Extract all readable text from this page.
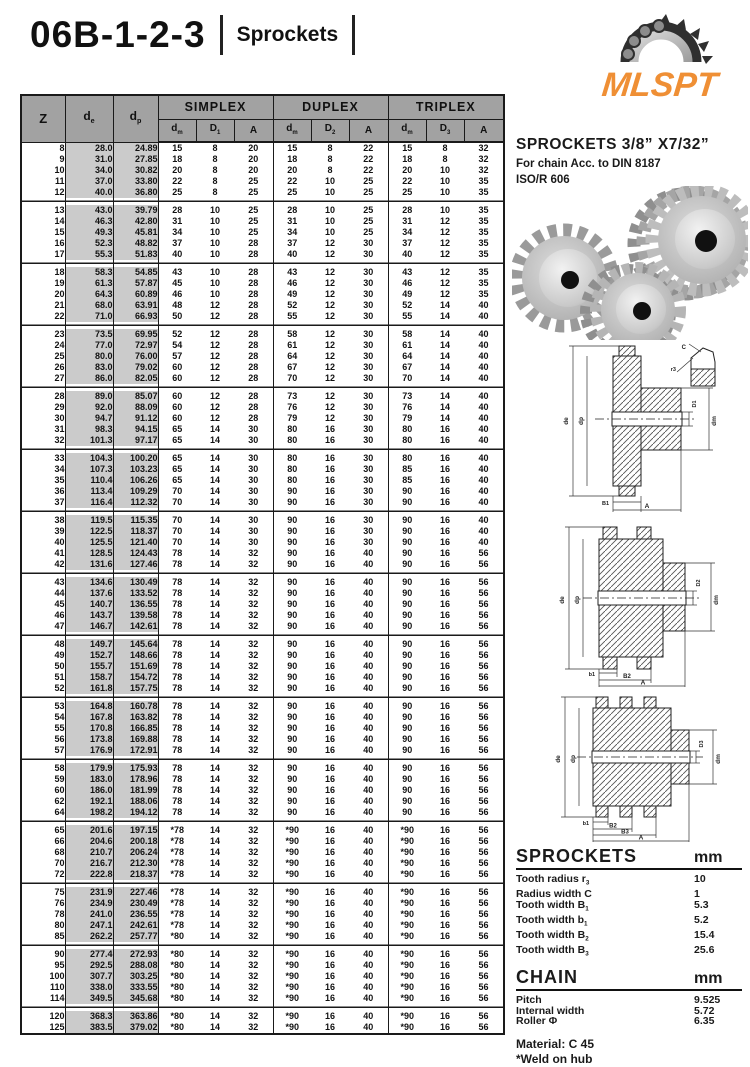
06B-1-2-3 Sprockets
MLSPT
Z	$d_e$	$d_p$	SIMPLEX			DUPLEX			TRIPLEX		
			$d_m$	$D_1$	A	$d_m$	$D_2$	A	$d_m$	$D_3$	A
8	28.0	24.89	15	8	20	15	8	22	15	8	32
9	31.0	27.85	18	8	20	18	8	22	18	8	32
10	34.0	30.82	20	8	20	20	8	22	20	10	32
11	37.0	33.80	22	8	25	22	10	25	22	10	35
12	40.0	36.80	25	8	25	25	10	25	25	10	35

13	43.0	39.79	28	10	25	28	10	25	28	10	35
14	46.3	42.80	31	10	25	31	10	25	31	12	35
15	49.3	45.81	34	10	25	34	10	25	34	12	35
16	52.3	48.82	37	10	28	37	12	30	37	12	35
17	55.3	51.83	40	10	28	40	12	30	40	12	35

18	58.3	54.85	43	10	28	43	12	30	43	12	35
19	61.3	57.87	45	10	28	46	12	30	46	12	35
20	64.3	60.89	46	10	28	49	12	30	49	12	35
21	68.0	63.91	48	12	28	52	12	30	52	14	40
22	71.0	66.93	50	12	28	55	12	30	55	14	40

23	73.5	69.95	52	12	28	58	12	30	58	14	40
24	77.0	72.97	54	12	28	61	12	30	61	14	40
25	80.0	76.00	57	12	28	64	12	30	64	14	40
26	83.0	79.02	60	12	28	67	12	30	67	14	40
27	86.0	82.05	60	12	28	70	12	30	70	14	40

28	89.0	85.07	60	12	28	73	12	30	73	14	40
29	92.0	88.09	60	12	28	76	12	30	76	14	40
30	94.7	91.12	60	12	28	79	12	30	79	14	40
31	98.3	94.15	65	14	30	80	16	30	80	16	40
32	101.3	97.17	65	14	30	80	16	30	80	16	40

33	104.3	100.20	65	14	30	80	16	30	80	16	40
34	107.3	103.23	65	14	30	80	16	30	85	16	40
35	110.4	106.26	65	14	30	80	16	30	85	16	40
36	113.4	109.29	70	14	30	90	16	30	90	16	40
37	116.4	112.32	70	14	30	90	16	30	90	16	40

38	119.5	115.35	70	14	30	90	16	30	90	16	40
39	122.5	118.37	70	14	30	90	16	30	90	16	40
40	125.5	121.40	70	14	30	90	16	30	90	16	40
41	128.5	124.43	78	14	32	90	16	40	90	16	56
42	131.6	127.46	78	14	32	90	16	40	90	16	56

43	134.6	130.49	78	14	32	90	16	40	90	16	56
44	137.6	133.52	78	14	32	90	16	40	90	16	56
45	140.7	136.55	78	14	32	90	16	40	90	16	56
46	143.7	139.58	78	14	32	90	16	40	90	16	56
47	146.7	142.61	78	14	32	90	16	40	90	16	56

48	149.7	145.64	78	14	32	90	16	40	90	16	56
49	152.7	148.66	78	14	32	90	16	40	90	16	56
50	155.7	151.69	78	14	32	90	16	40	90	16	56
51	158.7	154.72	78	14	32	90	16	40	90	16	56
52	161.8	157.75	78	14	32	90	16	40	90	16	56

53	164.8	160.78	78	14	32	90	16	40	90	16	56
54	167.8	163.82	78	14	32	90	16	40	90	16	56
55	170.8	166.85	78	14	32	90	16	40	90	16	56
56	173.8	169.88	78	14	32	90	16	40	90	16	56
57	176.9	172.91	78	14	32	90	16	40	90	16	56

58	179.9	175.93	78	14	32	90	16	40	90	16	56
59	183.0	178.96	78	14	32	90	16	40	90	16	56
60	186.0	181.99	78	14	32	90	16	40	90	16	56
62	192.1	188.06	78	14	32	90	16	40	90	16	56
64	198.2	194.12	78	14	32	90	16	40	90	16	56

65	201.6	197.15	*78	14	32	*90	16	40	*90	16	56
66	204.6	200.18	*78	14	32	*90	16	40	*90	16	56
68	210.7	206.24	*78	14	32	*90	16	40	*90	16	56
70	216.7	212.30	*78	14	32	*90	16	40	*90	16	56
72	222.8	218.37	*78	14	32	*90	16	40	*90	16	56

75	231.9	227.46	*78	14	32	*90	16	40	*90	16	56
76	234.9	230.49	*78	14	32	*90	16	40	*90	16	56
78	241.0	236.55	*78	14	32	*90	16	40	*90	16	56
80	247.1	242.61	*78	14	32	*90	16	40	*90	16	56
85	262.2	257.77	*80	14	32	*90	16	40	*90	16	56

90	277.4	272.93	*80	14	32	*90	16	40	*90	16	56
95	292.5	288.08	*80	14	32	*90	16	40	*90	16	56
100	307.7	303.25	*80	14	32	*90	16	40	*90	16	56
110	338.0	333.55	*80	14	32	*90	16	40	*90	16	56
114	349.5	345.68	*80	14	32	*90	16	40	*90	16	56

120	368.3	363.86	*80	14	32	*90	16	40	*90	16	56
125	383.5	379.02	*80	14	32	*90	16	40	*90	16	56
SPROCKETS 3/8” X7/32”
For chain Acc. to DIN 8187
ISO/R 606
de dp
D1
dm
B1	A
C
r3
de dp
D2
dm
b1	B2
A
de dp
D3
dm
b1	B2
B3
A
SPROCKETS	mm
Tooth radius $r_3$	10
Radius width C	1
Tooth width $B_1$	5.3
Tooth width $b_1$	5.2
Tooth width $B_2$	15.4
Tooth width $B_3$	25.6
CHAIN	mm
Pitch	9.525
Internal width	5.72
Roller Φ	6.35
Material: C 45
*Weld on hub
